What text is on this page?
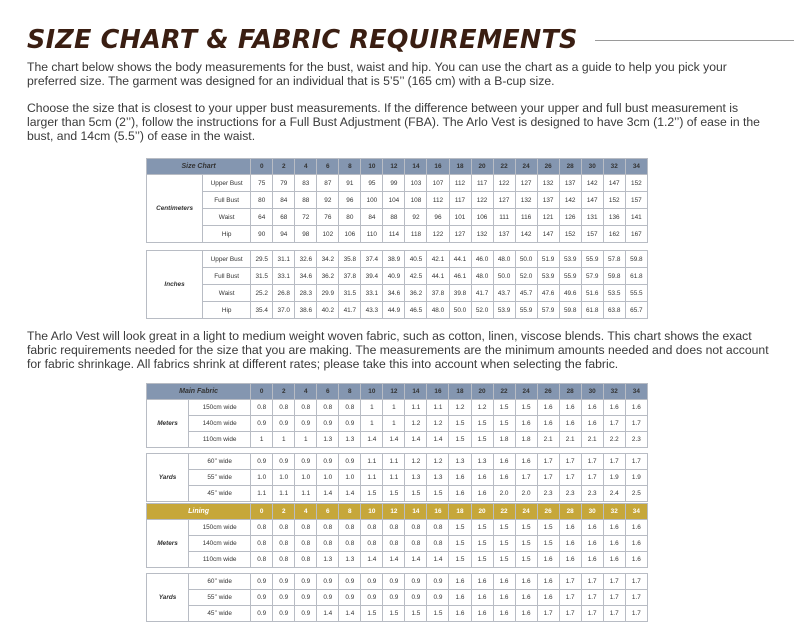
SIZE CHART & FABRIC REQUIREMENTS
The chart below shows the body measurements for the bust, waist and hip. You can use the chart as a guide to help you pick your preferred size. The garment was designed for an individual that is 5’5’’ (165 cm) with a B-cup size.
Choose the size that is closest to your upper bust measurements. If the difference between your upper and full bust measurement is larger than 5cm (2’’), follow the instructions for a Full Bust Adjustment (FBA). The Arlo Vest is designed to have 3cm (1.2’’) of ease in the bust, and 14cm (5.5’’) of ease in the waist.
Size Chart		0	2	4	6	8	10	12	14	16	18	20	22	24	26	28	30	32	34
Centimeters	Upper Bust	75	79	83	87	91	95	99	103	107	112	117	122	127	132	137	142	147	152
	Full Bust	80	84	88	92	96	100	104	108	112	117	122	127	132	137	142	147	152	157
	Waist	64	68	72	76	80	84	88	92	96	101	106	111	116	121	126	131	136	141
	Hip	90	94	98	102	106	110	114	118	122	127	132	137	142	147	152	157	162	167

Inches	Upper Bust	29.5	31.1	32.6	34.2	35.8	37.4	38.9	40.5	42.1	44.1	46.0	48.0	50.0	51.9	53.9	55.9	57.8	59.8
	Full Bust	31.5	33.1	34.6	36.2	37.8	39.4	40.9	42.5	44.1	46.1	48.0	50.0	52.0	53.9	55.9	57.9	59.8	61.8
	Waist	25.2	26.8	28.3	29.9	31.5	33.1	34.6	36.2	37.8	39.8	41.7	43.7	45.7	47.6	49.6	51.6	53.5	55.5
	Hip	35.4	37.0	38.6	40.2	41.7	43.3	44.9	46.5	48.0	50.0	52.0	53.9	55.9	57.9	59.8	61.8	63.8	65.7
The Arlo Vest will look great in a light to medium weight woven fabric, such as cotton, linen, viscose blends. This chart shows the exact fabric requirements needed for the size that you are making. The measurements are the minimum amounts needed and does not account for fabric shrinkage. All fabrics shrink at different rates; please take this into account when selecting the fabric.
Main Fabric		0	2	4	6	8	10	12	14	16	18	20	22	24	26	28	30	32	34
Meters	150cm wide	0.8	0.8	0.8	0.8	0.8	1	1	1.1	1.1	1.2	1.2	1.5	1.5	1.6	1.6	1.6	1.6	1.6
	140cm wide	0.9	0.9	0.9	0.9	0.9	1	1	1.2	1.2	1.5	1.5	1.5	1.6	1.6	1.6	1.6	1.7	1.7
	110cm wide	1	1	1	1.3	1.3	1.4	1.4	1.4	1.4	1.5	1.5	1.8	1.8	2.1	2.1	2.1	2.2	2.3

Yards	60’’ wide	0.9	0.9	0.9	0.9	0.9	1.1	1.1	1.2	1.2	1.3	1.3	1.6	1.6	1.7	1.7	1.7	1.7	1.7
	55’’ wide	1.0	1.0	1.0	1.0	1.0	1.1	1.1	1.3	1.3	1.6	1.6	1.6	1.7	1.7	1.7	1.7	1.9	1.9
	45’’ wide	1.1	1.1	1.1	1.4	1.4	1.5	1.5	1.5	1.5	1.6	1.6	2.0	2.0	2.3	2.3	2.3	2.4	2.5
Lining		0	2	4	6	8	10	12	14	16	18	20	22	24	26	28	30	32	34
Meters	150cm wide	0.8	0.8	0.8	0.8	0.8	0.8	0.8	0.8	0.8	1.5	1.5	1.5	1.5	1.5	1.6	1.6	1.6	1.6
	140cm wide	0.8	0.8	0.8	0.8	0.8	0.8	0.8	0.8	0.8	1.5	1.5	1.5	1.5	1.5	1.6	1.6	1.6	1.6
	110cm wide	0.8	0.8	0.8	1.3	1.3	1.4	1.4	1.4	1.4	1.5	1.5	1.5	1.5	1.6	1.6	1.6	1.6	1.6

Yards	60’’ wide	0.9	0.9	0.9	0.9	0.9	0.9	0.9	0.9	0.9	1.6	1.6	1.6	1.6	1.6	1.7	1.7	1.7	1.7
	55’’ wide	0.9	0.9	0.9	0.9	0.9	0.9	0.9	0.9	0.9	1.6	1.6	1.6	1.6	1.6	1.7	1.7	1.7	1.7
	45’’ wide	0.9	0.9	0.9	1.4	1.4	1.5	1.5	1.5	1.5	1.6	1.6	1.6	1.6	1.7	1.7	1.7	1.7	1.7
